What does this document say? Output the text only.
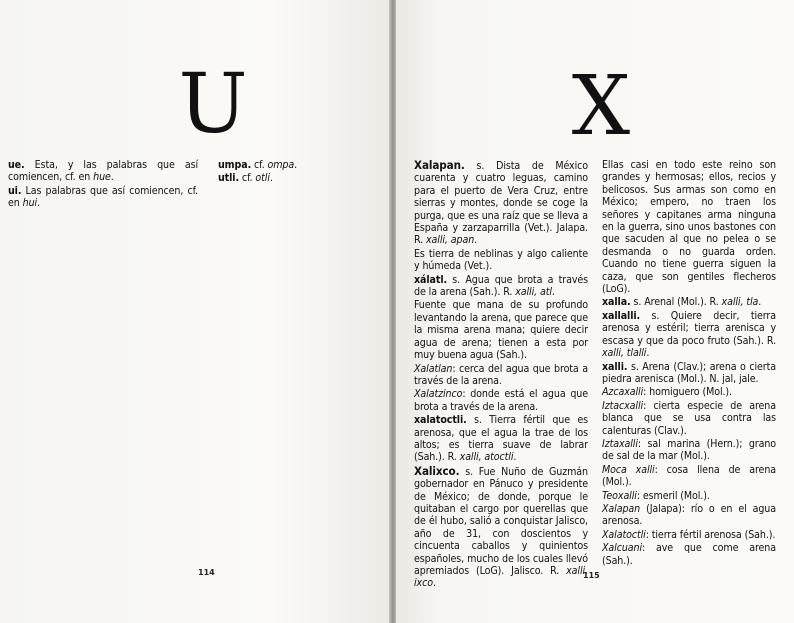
U

ue. Esta, y las palabras que así comiencen, cf. en hue.

ui. Las palabras que así comiencen, cf. en hui.

umpa. cf. ompa.

utli. cf. otli.

114
X

Xalapan. s. Dista de México cuarenta y cuatro leguas, camino para el puerto de Vera Cruz, entre sierras y montes, donde se coge la purga, que es una raíz que se lleva a España y zarzaparrilla (Vet.). Jalapa. R. xalli, apan.

Es tierra de neblinas y algo caliente y húmeda (Vet.).

xálatl. s. Agua que brota a través de la arena (Sah.). R. xalli, atl.

Fuente que mana de su profundo levantando la arena, que parece que la misma arena mana; quiere decir agua de arena; tienen a esta por muy buena agua (Sah.).

Xalatlan: cerca del agua que brota a través de la arena.

Xalatzinco: donde está el agua que brota a través de la arena.

xalatoctli. s. Tierra fértil que es arenosa, que el agua la trae de los altos; es tierra suave de labrar (Sah.). R. xalli, atoctli.

Xalixco. s. Fue Nuño de Guzmán gobernador en Pánuco y presidente de México; de donde, porque le quitaban el cargo por querellas que de él hubo, salió a conquistar Jalisco, año de 31, con doscientos y cincuenta caballos y quinientos españoles, mucho de los cuales llevó apremiados (LoG). Jalisco. R. xalli, ixco.

Ellas casi en todo este reino son grandes y hermosas; ellos, recios y belicosos. Sus armas son como en México; empero, no traen los señores y capitanes arma ninguna en la guerra, sino unos bastones con que sacuden al que no pelea o se desmanda o no guarda orden. Cuando no tiene guerra siguen la caza, que son gentiles flecheros (LoG).

xalla. s. Arenal (Mol.). R. xalli, tla.

xallalli. s. Quiere decir, tierra arenosa y estéril; tierra arenisca y escasa y que da poco fruto (Sah.). R. xalli, tlalli.

xalli. s. Arena (Clav.); arena o cierta piedra arenisca (Mol.). N. jal, jale.

Azcaxalli: homiguero (Mol.).

Iztacxalli: cierta especie de arena blanca que se usa contra las calenturas (Clav.).

Iztaxalli: sal marina (Hern.); grano de sal de la mar (Mol.).

Moca xalli: cosa llena de arena (Mol.).

Teoxalli: esmeril (Mol.).

Xalapan (Jalapa): río o en el agua arenosa.

Xalatoctli: tierra fértil arenosa (Sah.).

Xalcuani: ave que come arena (Sah.).

115
